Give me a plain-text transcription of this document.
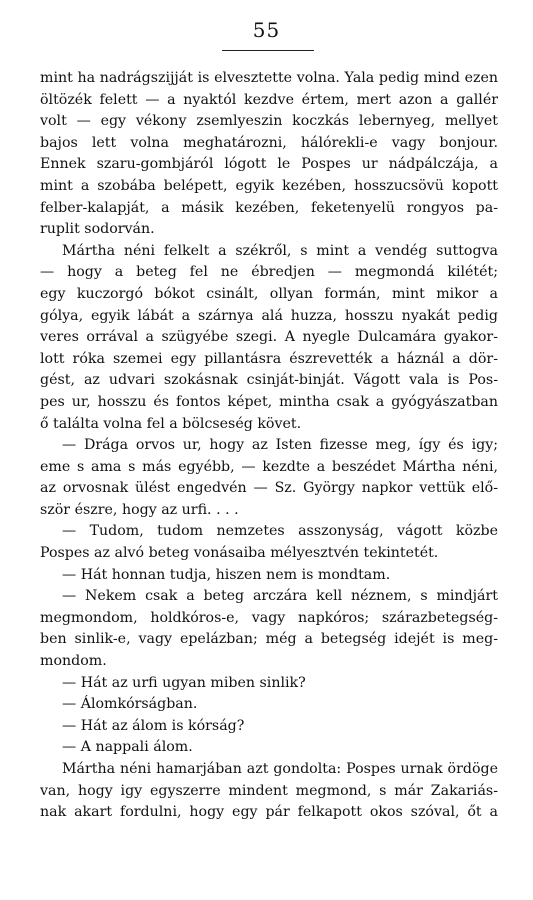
55
mint ha nadrágszijját is elvesztette volna. Yala pedig mind ezen
öltözék felett — a nyaktól kezdve értem, mert azon a gallér
volt — egy vékony zsemlyeszin koczkás lebernyeg, mellyet
bajos lett volna meghatározni, hálórekli-e vagy bonjour.
Ennek szaru-gombjáról lógott le Pospes ur nádpálczája, a
mint a szobába belépett, egyik kezében, hosszucsövü kopott
felber-kalapját, a másik kezében, feketenyelü rongyos pa-
ruplit sodorván.
Mártha néni felkelt a székről, s mint a vendég suttogva
— hogy a beteg fel ne ébredjen — megmondá kilétét;
egy kuczorgó bókot csinált, ollyan formán, mint mikor a
gólya, egyik lábát a szárnya alá huzza, hosszu nyakát pedig
veres orrával a szügyébe szegi. A nyegle Dulcamára gyakor-
lott róka szemei egy pillantásra észrevették a háznál a dör-
gést, az udvari szokásnak csinját-binját. Vágott vala is Pos-
pes ur, hosszu és fontos képet, mintha csak a gyógyászatban
ő találta volna fel a bölcseség követ.
— Drága orvos ur, hogy az Isten fizesse meg, így és igy;
eme s ama s más egyébb, — kezdte a beszédet Mártha néni,
az orvosnak ülést engedvén — Sz. György napkor vettük elő-
ször észre, hogy az urfi. . . .
— Tudom, tudom nemzetes asszonyság, vágott közbe
Pospes az alvó beteg vonásaiba mélyesztvén tekintetét.
— Hát honnan tudja, hiszen nem is mondtam.
— Nekem csak a beteg arczára kell néznem, s mindjárt
megmondom, holdkóros-e, vagy napkóros; szárazbetegség-
ben sinlik-e, vagy epelázban; még a betegség idejét is meg-
mondom.
— Hát az urfi ugyan miben sinlik?
— Álomkórságban.
— Hát az álom is kórság?
— A nappali álom.
Mártha néni hamarjában azt gondolta: Pospes urnak ördöge
van, hogy igy egyszerre mindent megmond, s már Zakariás-
nak akart fordulni, hogy egy pár felkapott okos szóval, őt a
